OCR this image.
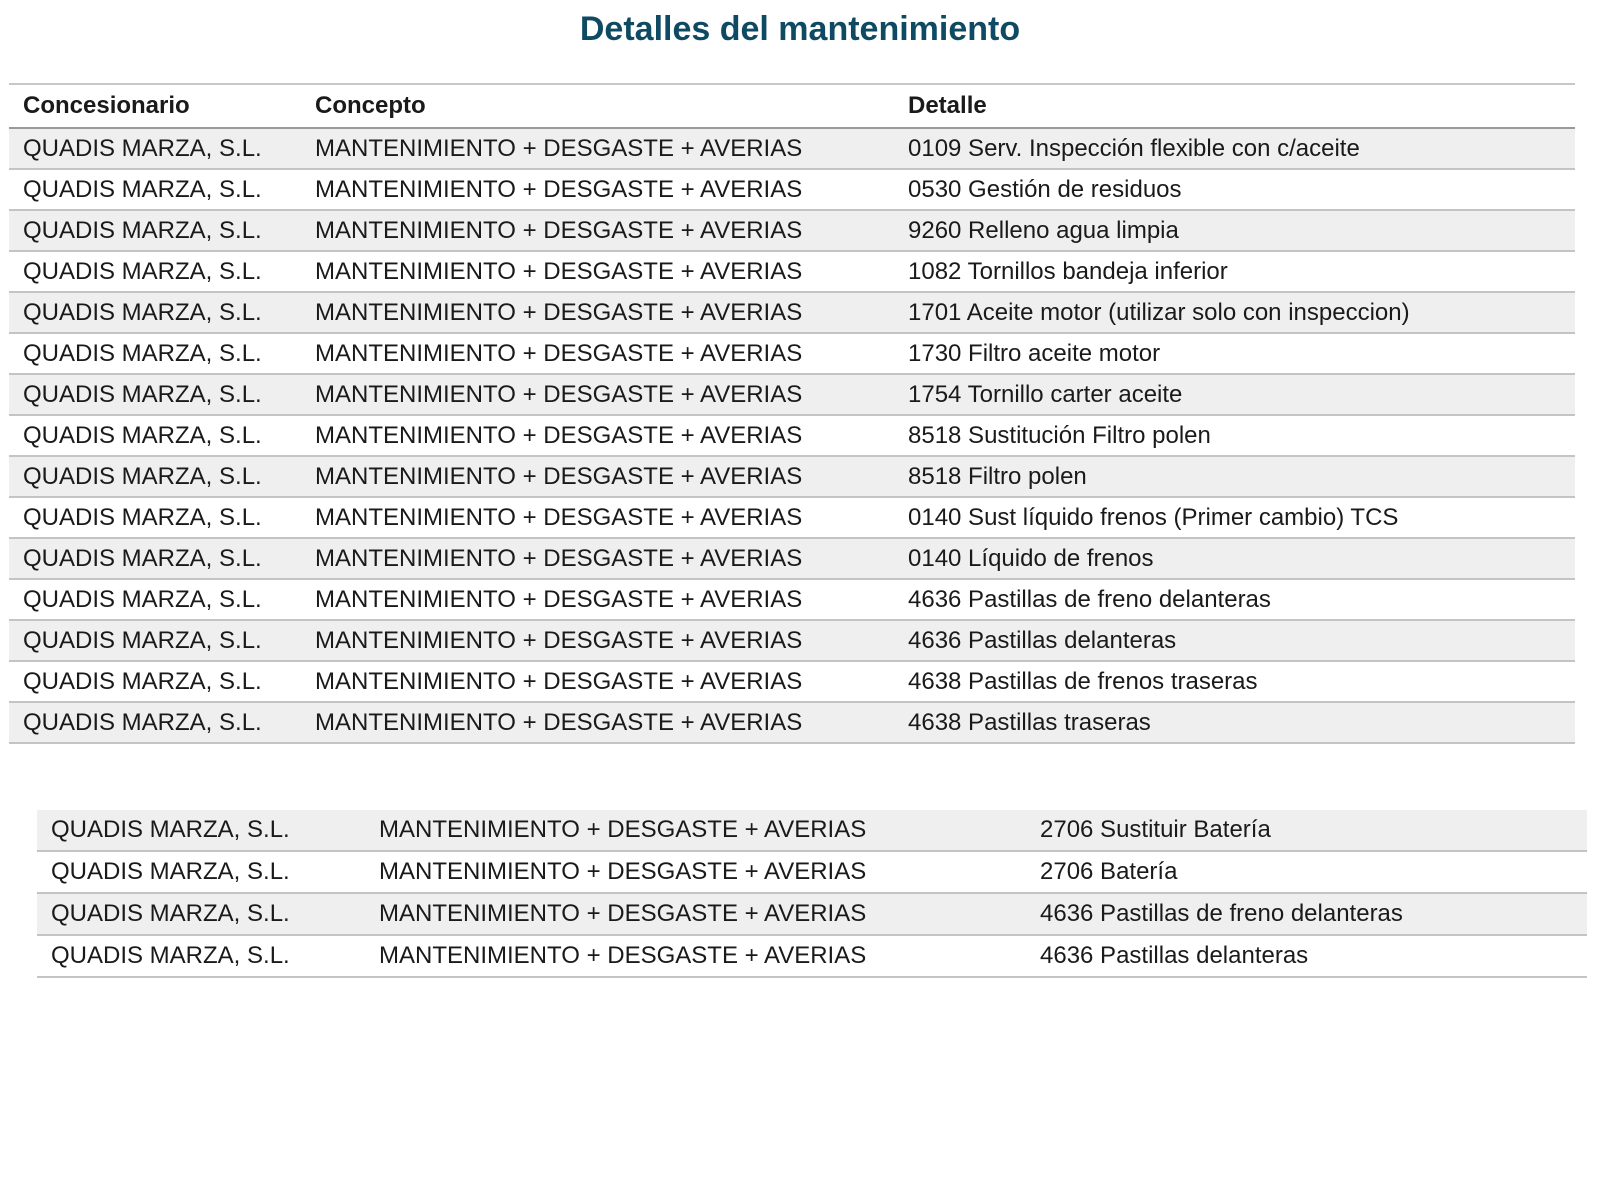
Detalles del mantenimiento
Concesionario	Concepto	Detalle
QUADIS MARZA, S.L.	MANTENIMIENTO + DESGASTE + AVERIAS	0109 Serv. Inspección flexible con c/aceite
QUADIS MARZA, S.L.	MANTENIMIENTO + DESGASTE + AVERIAS	0530 Gestión de residuos
QUADIS MARZA, S.L.	MANTENIMIENTO + DESGASTE + AVERIAS	9260 Relleno agua limpia
QUADIS MARZA, S.L.	MANTENIMIENTO + DESGASTE + AVERIAS	1082 Tornillos bandeja inferior
QUADIS MARZA, S.L.	MANTENIMIENTO + DESGASTE + AVERIAS	1701 Aceite motor (utilizar solo con inspeccion)
QUADIS MARZA, S.L.	MANTENIMIENTO + DESGASTE + AVERIAS	1730 Filtro aceite motor
QUADIS MARZA, S.L.	MANTENIMIENTO + DESGASTE + AVERIAS	1754 Tornillo carter aceite
QUADIS MARZA, S.L.	MANTENIMIENTO + DESGASTE + AVERIAS	8518 Sustitución Filtro polen
QUADIS MARZA, S.L.	MANTENIMIENTO + DESGASTE + AVERIAS	8518 Filtro polen
QUADIS MARZA, S.L.	MANTENIMIENTO + DESGASTE + AVERIAS	0140 Sust líquido frenos (Primer cambio) TCS
QUADIS MARZA, S.L.	MANTENIMIENTO + DESGASTE + AVERIAS	0140 Líquido de frenos
QUADIS MARZA, S.L.	MANTENIMIENTO + DESGASTE + AVERIAS	4636 Pastillas de freno delanteras
QUADIS MARZA, S.L.	MANTENIMIENTO + DESGASTE + AVERIAS	4636 Pastillas delanteras
QUADIS MARZA, S.L.	MANTENIMIENTO + DESGASTE + AVERIAS	4638 Pastillas de frenos traseras
QUADIS MARZA, S.L.	MANTENIMIENTO + DESGASTE + AVERIAS	4638 Pastillas traseras
QUADIS MARZA, S.L.	MANTENIMIENTO + DESGASTE + AVERIAS	2706 Sustituir Batería
QUADIS MARZA, S.L.	MANTENIMIENTO + DESGASTE + AVERIAS	2706 Batería
QUADIS MARZA, S.L.	MANTENIMIENTO + DESGASTE + AVERIAS	4636 Pastillas de freno delanteras
QUADIS MARZA, S.L.	MANTENIMIENTO + DESGASTE + AVERIAS	4636 Pastillas delanteras
